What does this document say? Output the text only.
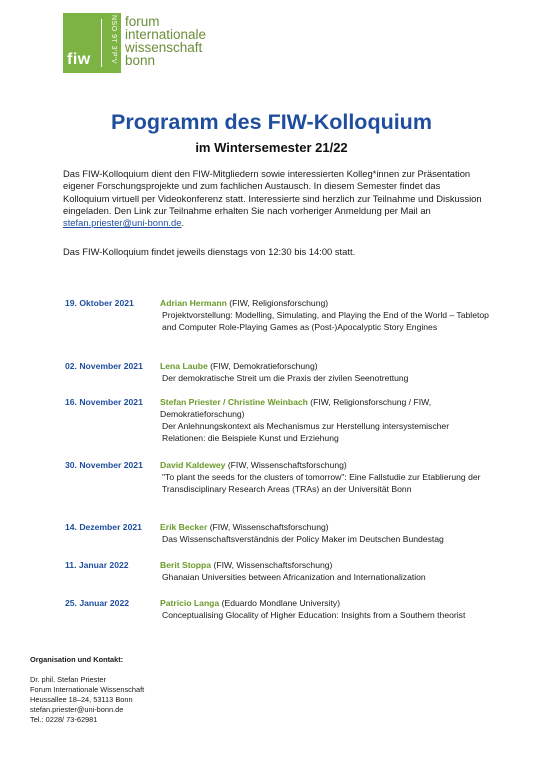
fiw	NSO 9T 3'P'V forum
internationale
wissenschaft
bonn
Programm des FIW-Kolloquium
im Wintersemester 21/22
Das FIW-Kolloquium dient den FIW-Mitgliedern sowie interessierten Kolleg*innen zur Präsentation eigener Forschungsprojekte und zum fachlichen Austausch. In diesem Semester findet das Kolloquium virtuell per Videokonferenz statt. Interessierte sind herzlich zur Teilnahme und Diskussion eingeladen. Den Link zur Teilnahme erhalten Sie nach vorheriger Anmeldung per Mail an stefan.priester@uni-bonn.de.
Das FIW-Kolloquium findet jeweils dienstags von 12:30 bis 14:00 statt.
19. Oktober 2021	Adrian Hermann (FIW, Religionsforschung)
Projektvorstellung: Modelling, Simulating, and Playing the End of the World – Tabletop and Computer Role-Playing Games as (Post-)Apocalyptic Story Engines
02. November 2021	Lena Laube (FIW, Demokratieforschung)
Der demokratische Streit um die Praxis der zivilen Seenotrettung
16. November 2021	Stefan Priester / Christine Weinbach (FIW, Religionsforschung / FIW, Demokratieforschung)
Der Anlehnungskontext als Mechanismus zur Herstellung intersystemischer Relationen: die Beispiele Kunst und Erziehung
30. November 2021	David Kaldewey (FIW, Wissenschaftsforschung)
"To plant the seeds for the clusters of tomorrow": Eine Fallstudie zur Etablierung der Transdisciplinary Research Areas (TRAs) an der Universität Bonn
14. Dezember 2021	Erik Becker (FIW, Wissenschaftsforschung)
Das Wissenschaftsverständnis der Policy Maker im Deutschen Bundestag
11. Januar 2022	Berit Stoppa (FIW, Wissenschaftsforschung)
Ghanaian Universities between Africanization and Internationalization
25. Januar 2022	Patricio Langa (Eduardo Mondlane University)
Conceptualising Glocality of Higher Education: Insights from a Southern theorist
Organisation und Kontakt:
Dr. phil. Stefan Priester
Forum Internationale Wissenschaft
Heussallee 18–24, 53113 Bonn
stefan.priester@uni-bonn.de
Tel.: 0228/ 73-62981
